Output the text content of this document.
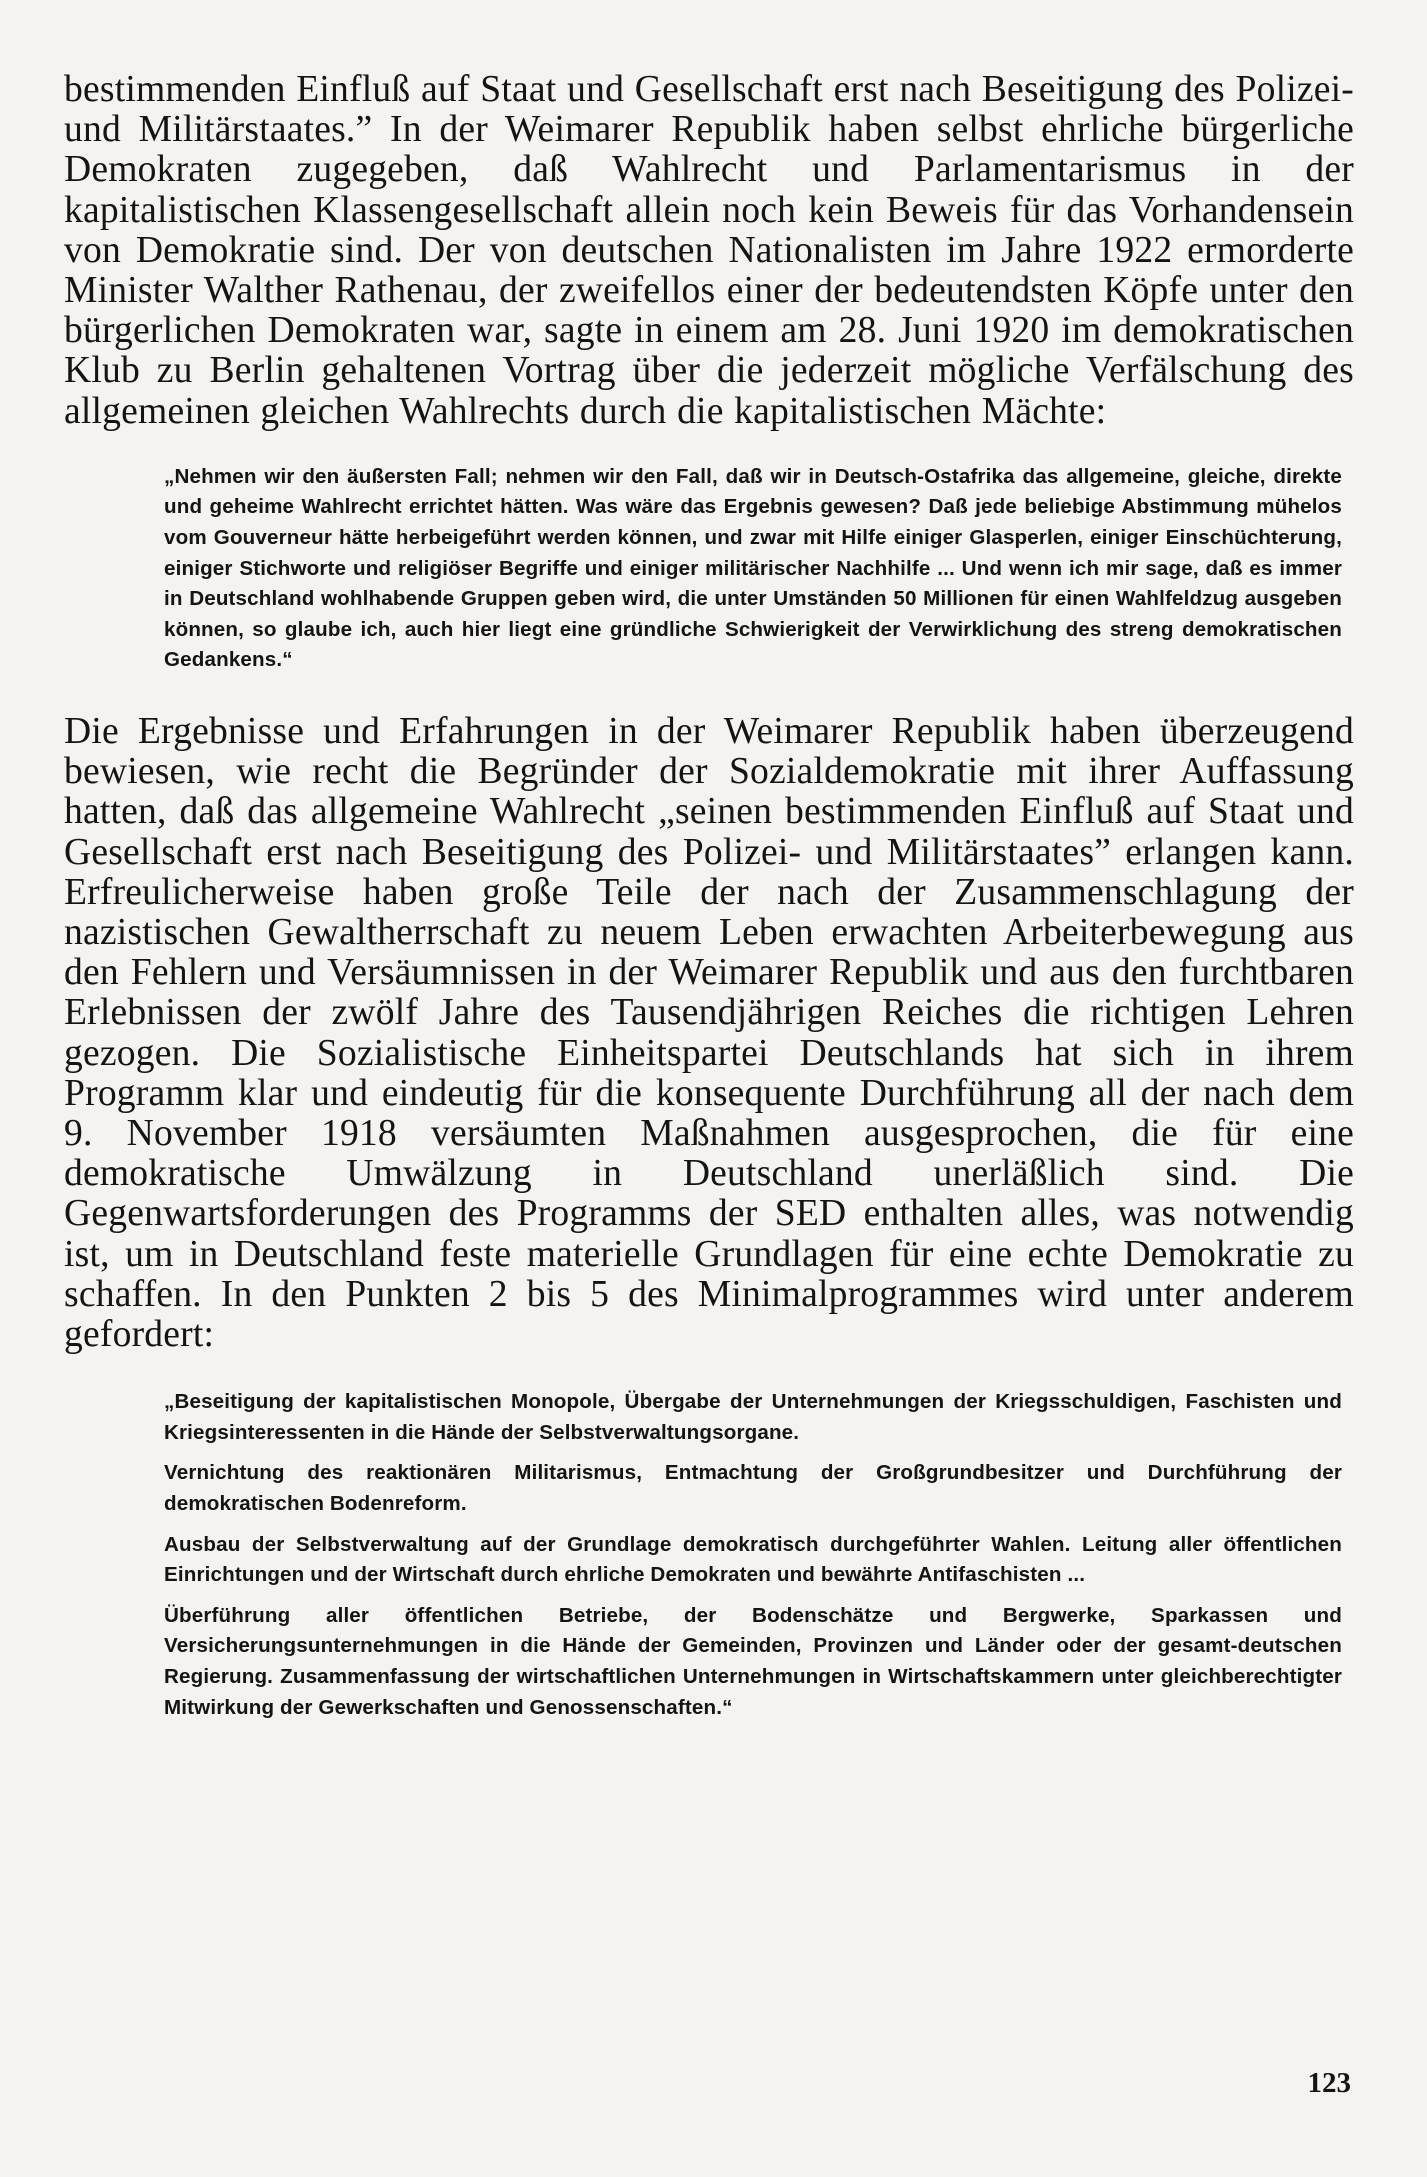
bestimmenden Einfluß auf Staat und Gesellschaft erst nach Beseitigung des Polizei- und Militärstaates.” In der Weimarer Republik haben selbst ehrliche bürgerliche Demokraten zugegeben, daß Wahlrecht und Parlamentarismus in der kapitalistischen Klassengesellschaft allein noch kein Beweis für das Vorhandensein von Demokratie sind. Der von deutschen Nationalisten im Jahre 1922 ermorderte Minister Walther Rathenau, der zweifellos einer der bedeutendsten Köpfe unter den bürgerlichen Demokraten war, sagte in einem am 28. Juni 1920 im demokratischen Klub zu Berlin gehaltenen Vortrag über die jederzeit mögliche Verfälschung des allgemeinen gleichen Wahlrechts durch die kapitalistischen Mächte:

„Nehmen wir den äußersten Fall; nehmen wir den Fall, daß wir in Deutsch-Ostafrika das allgemeine, gleiche, direkte und geheime Wahlrecht errichtet hätten. Was wäre das Ergebnis gewesen? Daß jede beliebige Abstimmung mühelos vom Gouverneur hätte herbeigeführt werden können, und zwar mit Hilfe einiger Glasperlen, einiger Einschüchterung, einiger Stichworte und religiöser Begriffe und einiger militärischer Nachhilfe ... Und wenn ich mir sage, daß es immer in Deutschland wohlhabende Gruppen geben wird, die unter Umständen 50 Millionen für einen Wahlfeldzug ausgeben können, so glaube ich, auch hier liegt eine gründliche Schwierigkeit der Verwirklichung des streng demokratischen Gedankens.“

Die Ergebnisse und Erfahrungen in der Weimarer Republik haben überzeugend bewiesen, wie recht die Begründer der Sozialdemokratie mit ihrer Auffassung hatten, daß das allgemeine Wahlrecht „seinen bestimmenden Einfluß auf Staat und Gesellschaft erst nach Beseitigung des Polizei- und Militärstaates” erlangen kann. Erfreulicherweise haben große Teile der nach der Zusammenschlagung der nazistischen Gewaltherrschaft zu neuem Leben erwachten Arbeiterbewegung aus den Fehlern und Versäumnissen in der Weimarer Republik und aus den furchtbaren Erlebnissen der zwölf Jahre des Tausendjährigen Reiches die richtigen Lehren gezogen. Die Sozialistische Einheitspartei Deutschlands hat sich in ihrem Programm klar und eindeutig für die konsequente Durchführung all der nach dem 9. November 1918 versäumten Maßnahmen ausgesprochen, die für eine demokratische Umwälzung in Deutschland unerläßlich sind. Die Gegenwartsforderungen des Programms der SED enthalten alles, was notwendig ist, um in Deutschland feste materielle Grundlagen für eine echte Demokratie zu schaffen. In den Punkten 2 bis 5 des Minimalprogrammes wird unter anderem gefordert:

„Beseitigung der kapitalistischen Monopole, Übergabe der Unternehmungen der Kriegsschuldigen, Faschisten und Kriegsinteressenten in die Hände der Selbstverwaltungsorgane.

Vernichtung des reaktionären Militarismus, Entmachtung der Großgrundbesitzer und Durchführung der demokratischen Bodenreform.

Ausbau der Selbstverwaltung auf der Grundlage demokratisch durchgeführter Wahlen. Leitung aller öffentlichen Einrichtungen und der Wirtschaft durch ehrliche Demokraten und bewährte Antifaschisten ...

Überführung aller öffentlichen Betriebe, der Bodenschätze und Bergwerke, Sparkassen und Versicherungsunternehmungen in die Hände der Gemeinden, Provinzen und Länder oder der gesamt-deutschen Regierung. Zusammenfassung der wirtschaftlichen Unternehmungen in Wirtschaftskammern unter gleichberechtigter Mitwirkung der Gewerkschaften und Genossenschaften.“

123
